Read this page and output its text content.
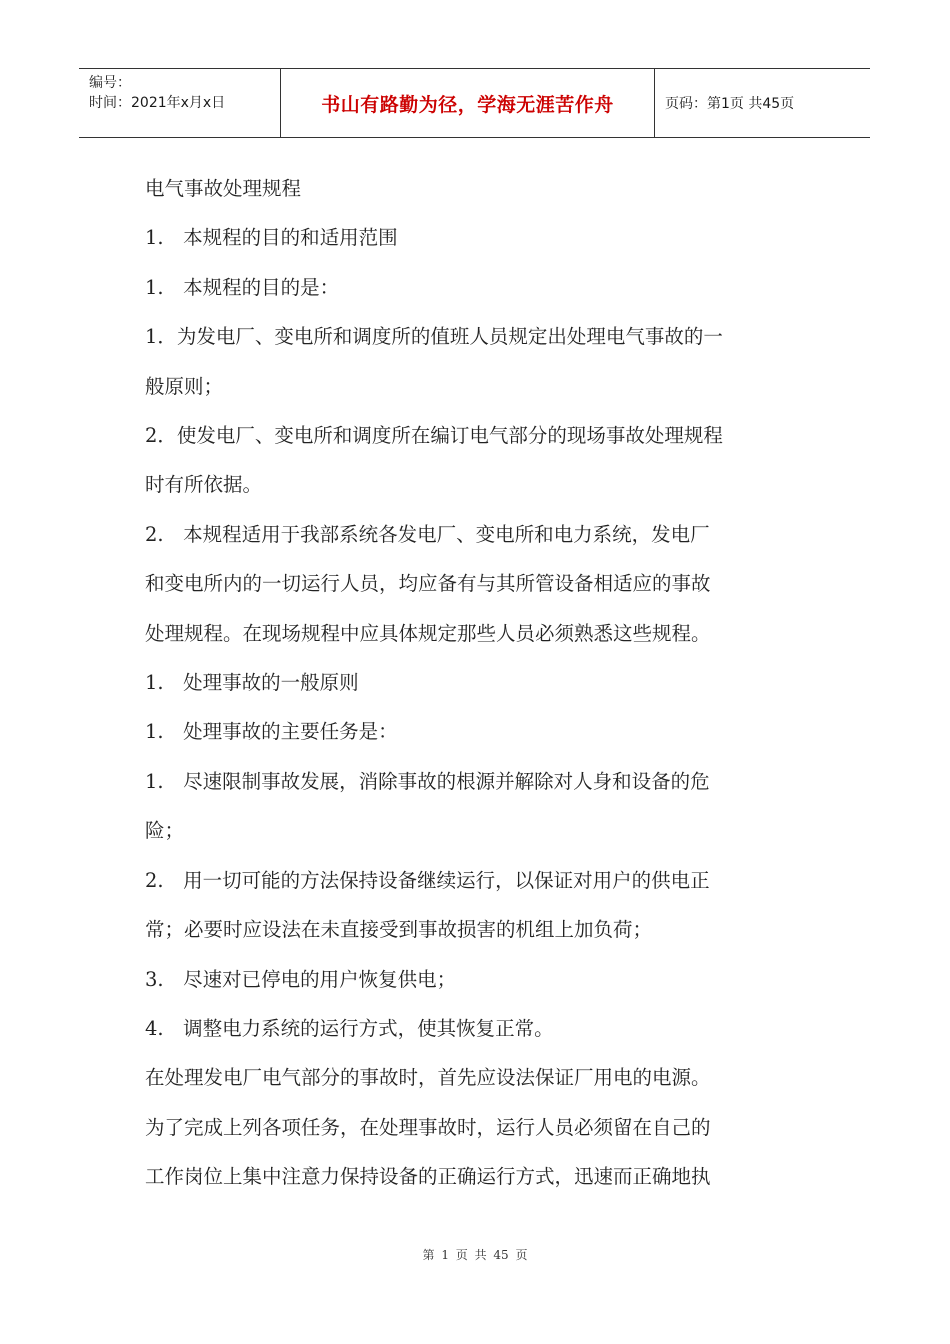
编号：
时间：2021年x月x日	书山有路勤为径，学海无涯苦作舟	页码：第1页 共45页

电气事故处理规程

1.　本规程的目的和适用范围

1.　本规程的目的是：

1．为发电厂、变电所和调度所的值班人员规定出处理电气事故的一

般原则；

2．使发电厂、变电所和调度所在编订电气部分的现场事故处理规程

时有所依据。

2.　本规程适用于我部系统各发电厂、变电所和电力系统，发电厂

和变电所内的一切运行人员，均应备有与其所管设备相适应的事故

处理规程。在现场规程中应具体规定那些人员必须熟悉这些规程。

1.　处理事故的一般原则

1.　处理事故的主要任务是：

1.　尽速限制事故发展，消除事故的根源并解除对人身和设备的危

险；

2.　用一切可能的方法保持设备继续运行，以保证对用户的供电正

常；必要时应设法在未直接受到事故损害的机组上加负荷；

3.　尽速对已停电的用户恢复供电；

4.　调整电力系统的运行方式，使其恢复正常。

在处理发电厂电气部分的事故时，首先应设法保证厂用电的电源。

为了完成上列各项任务，在处理事故时，运行人员必须留在自己的

工作岗位上集中注意力保持设备的正确运行方式，迅速而正确地执

第 1 页 共 45 页
